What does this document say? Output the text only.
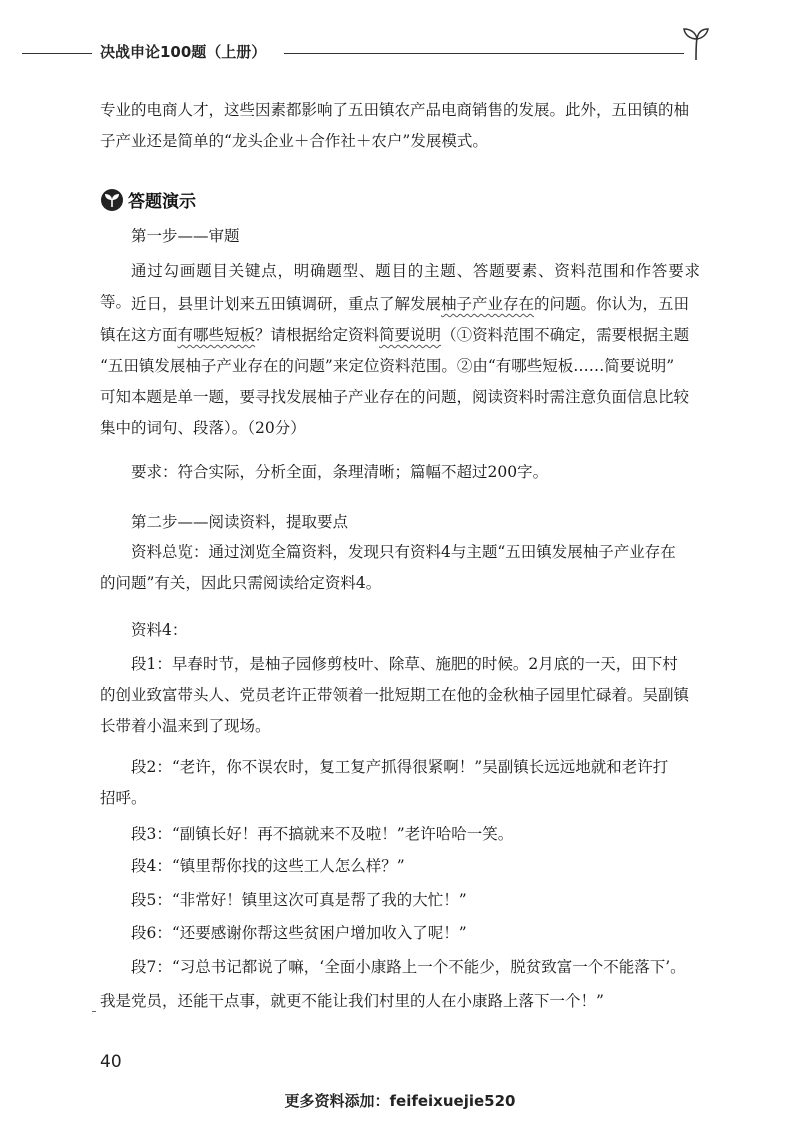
决战申论100题（上册）

专业的电商人才，这些因素都影响了五田镇农产品电商销售的发展。此外，五田镇的柚

子产业还是简单的“龙头企业＋合作社＋农户”发展模式。

答题演示

第一步——审题

通过勾画题目关键点，明确题型、题目的主题、答题要素、资料范围和作答要求等。 近日，县里计划来五田镇调研，重点了解发展柚子产业存在的问题。你认为，五田
镇在这方面有哪些短板？请根据给定资料简要说明（①资料范围不确定，需要根据主题
“五田镇发展柚子产业存在的问题”来定位资料范围。②由“有哪些短板……简要说明”
可知本题是单一题，要寻找发展柚子产业存在的问题，阅读资料时需注意负面信息比较
集中的词句、段落）。（20分）

要求：符合实际，分析全面，条理清晰；篇幅不超过200字。

第二步——阅读资料，提取要点

资料总览：通过浏览全篇资料，发现只有资料4与主题“五田镇发展柚子产业存在

的问题”有关，因此只需阅读给定资料4。

资料4：

段1：早春时节，是柚子园修剪枝叶、除草、施肥的时候。2月底的一天，田下村

的创业致富带头人、党员老许正带领着一批短期工在他的金秋柚子园里忙碌着。吴副镇

长带着小温来到了现场。

段2：“老许，你不误农时，复工复产抓得很紧啊！”吴副镇长远远地就和老许打

招呼。

段3：“副镇长好！再不搞就来不及啦！”老许哈哈一笑。

段4：“镇里帮你找的这些工人怎么样？”

段5：“非常好！镇里这次可真是帮了我的大忙！”

段6：“还要感谢你帮这些贫困户增加收入了呢！”

段7：“习总书记都说了嘛，‘全面小康路上一个不能少，脱贫致富一个不能落下’。

我是党员，还能干点事，就更不能让我们村里的人在小康路上落下一个！”

40
更多资料添加：feifeixuejie520
